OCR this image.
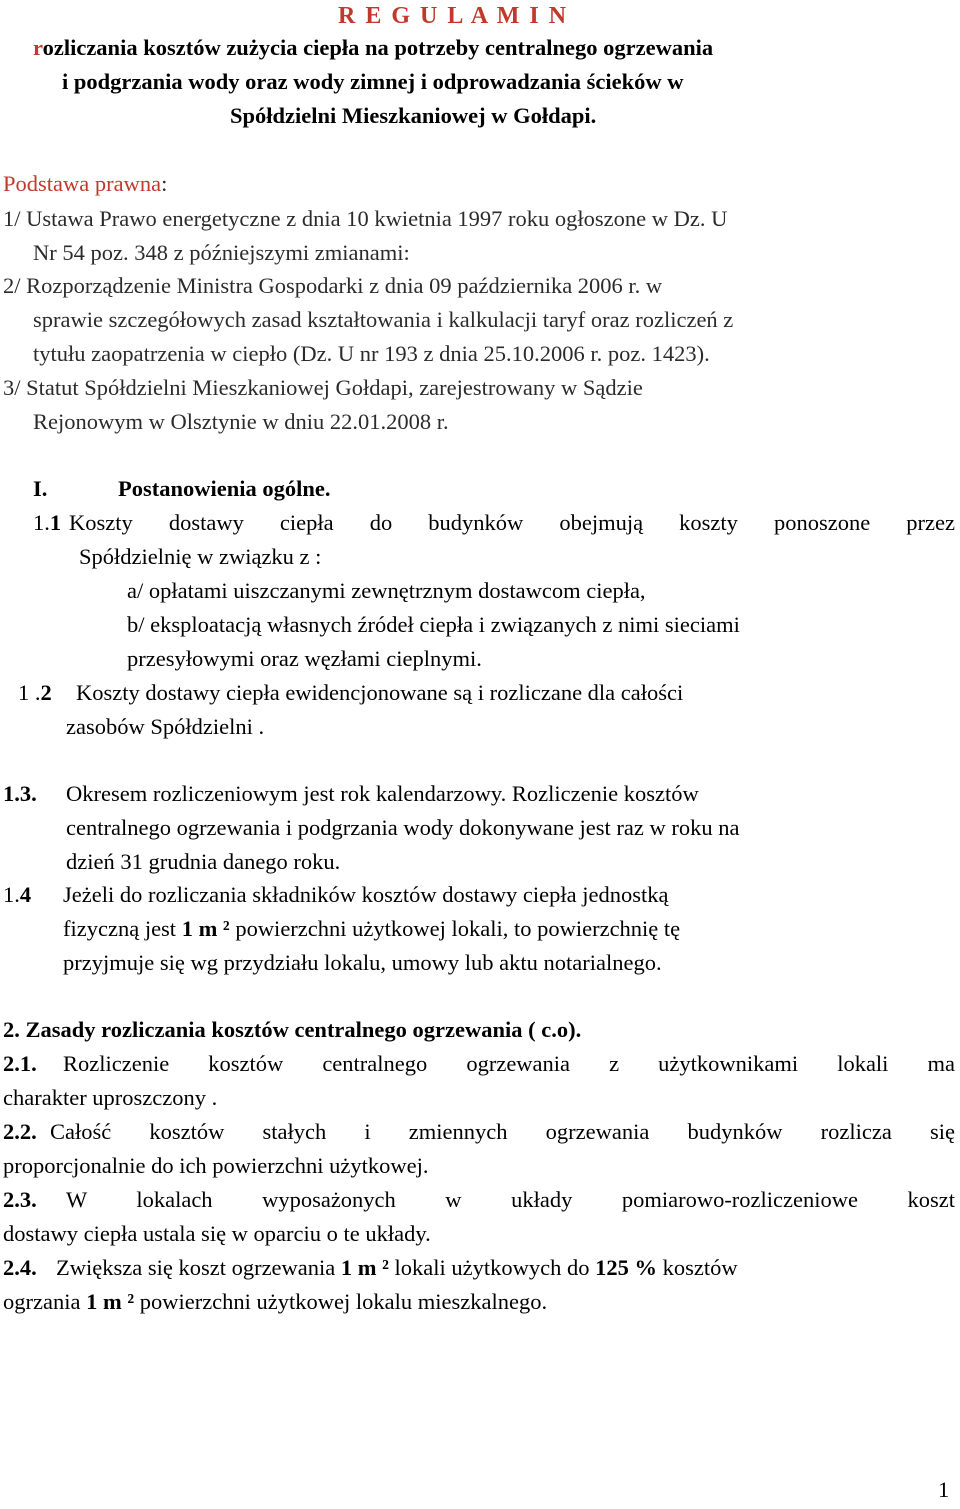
R E G U L A M I N
rozliczania kosztów zużycia ciepła na potrzeby centralnego ogrzewania
i podgrzania wody oraz wody zimnej i odprowadzania ścieków w
Spółdzielni Mieszkaniowej w Gołdapi.
Podstawa prawna:
1/ Ustawa Prawo energetyczne z dnia 10 kwietnia 1997 roku ogłoszone w Dz. U
Nr 54 poz. 348 z późniejszymi zmianami:
2/ Rozporządzenie Ministra Gospodarki z dnia 09 października 2006 r. w
sprawie szczegółowych zasad kształtowania i kalkulacji taryf oraz rozliczeń z
tytułu zaopatrzenia w ciepło (Dz. U nr 193 z dnia 25.10.2006 r. poz. 1423).
3/ Statut Spółdzielni Mieszkaniowej Gołdapi, zarejestrowany w Sądzie
Rejonowym w Olsztynie w dniu 22.01.2008 r.
I.	Postanowienia ogólne.
1.1 Koszty dostawy ciepła do budynków obejmują koszty ponoszone przez
Spółdzielnię w związku z :
a/ opłatami uiszczanymi zewnętrznym dostawcom ciepła,
b/ eksploatacją własnych źródeł ciepła i związanych z nimi sieciami
przesyłowymi oraz węzłami cieplnymi.
1 .2 Koszty dostawy ciepła ewidencjonowane są i rozliczane dla całości
zasobów Spółdzielni .
1.3. Okresem rozliczeniowym jest rok kalendarzowy. Rozliczenie kosztów
centralnego ogrzewania i podgrzania wody dokonywane jest raz w roku na
dzień 31 grudnia danego roku.
1.4 Jeżeli do rozliczania składników kosztów dostawy ciepła jednostką
fizyczną jest 1 m ² powierzchni użytkowej lokali, to powierzchnię tę
przyjmuje się wg przydziału lokalu, umowy lub aktu notarialnego.
2. Zasady rozliczania kosztów centralnego ogrzewania ( c.o).
2.1. Rozliczenie kosztów centralnego ogrzewania z użytkownikami lokali ma
charakter uproszczony .
2.2. Całość kosztów stałych i zmiennych ogrzewania budynków rozlicza się
proporcjonalnie do ich powierzchni użytkowej.
2.3. W lokalach wyposażonych w układy pomiarowo-rozliczeniowe koszt
dostawy ciepła ustala się w oparciu o te układy.
2.4. Zwiększa się koszt ogrzewania 1 m ² lokali użytkowych do 125 % kosztów
ogrzania 1 m ² powierzchni użytkowej lokalu mieszkalnego.
1
